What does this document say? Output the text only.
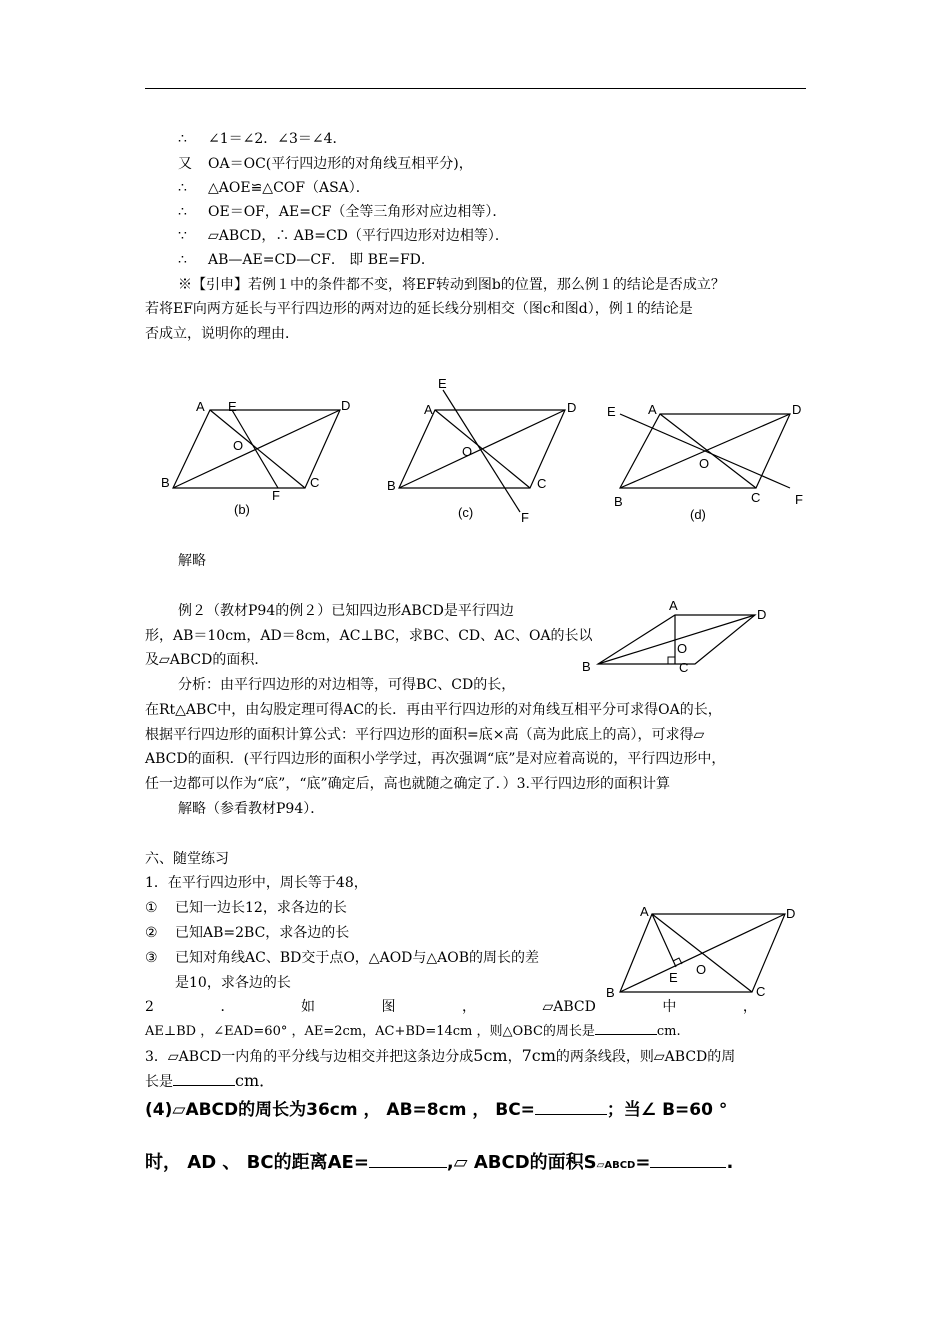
∴ ∠1＝∠2．∠3＝∠4．
又 OA＝OC(平行四边形的对角线互相平分)，
∴ △AOE≌△COF（ASA）．
∴ OE＝OF，AE=CF（全等三角形对应边相等）．
∵ ▱ABCD，∴ AB=CD（平行四边形对边相等）．
∴ AB—AE=CD—CF． 即 BE=FD．
※【引申】若例１中的条件都不变，将EF转动到图b的位置，那么例１的结论是否成立？
若将EF向两方延长与平行四边形的两对边的延长线分别相交（图c和图d），例１的结论是
否成立，说明你的理由．
A E	D
O
B
F
C
(b)
E
A	D
O
B	C
F
(c)
E A	D
O
B	C	F
(d)
解略
例２（教材P94的例２）已知四边形ABCD是平行四边
形，AB＝10cm，AD＝8cm，AC⊥BC，求BC、CD、AC、OA的长以
及▱ABCD的面积．
分析：由平行四边形的对边相等，可得BC、CD的长，
在Rt△ABC中，由勾股定理可得AC的长．再由平行四边形的对角线互相平分可求得OA的长，
根据平行四边形的面积计算公式：平行四边形的面积=底×高（高为此底上的高），可求得▱
ABCD的面积．(平行四边形的面积小学学过，再次强调“底”是对应着高说的，平行四边形中，
任一边都可以作为“底”，“底”确定后，高也就随之确定了．）3.平行四边形的面积计算
解略（参看教材P94）．
A
D
O
B	C
六、随堂练习
1．在平行四边形中，周长等于48，
① 已知一边长12，求各边的长
② 已知AB=2BC，求各边的长
③ 已知对角线AC、BD交于点O，△AOD与△AOB的周长的差
是10，求各边的长
A	D
E
O
B	C
2	．	如	图	，	▱ABCD	中	，
AE⊥BD ，∠EAD=60° ，AE=2cm，AC+BD=14cm ，则△OBC的周长是	cm.
3．▱ABCD一内角的平分线与边相交并把这条边分成5cm，7cm的两条线段，则▱ABCD的周
长是	cm．
(4)▱ABCD的周长为36cm ， AB=8cm ， BC=	；当∠ B=60 °
时， AD 、 BC的距离AE=	,▱ ABCD的面积S▱ABCD=	.
